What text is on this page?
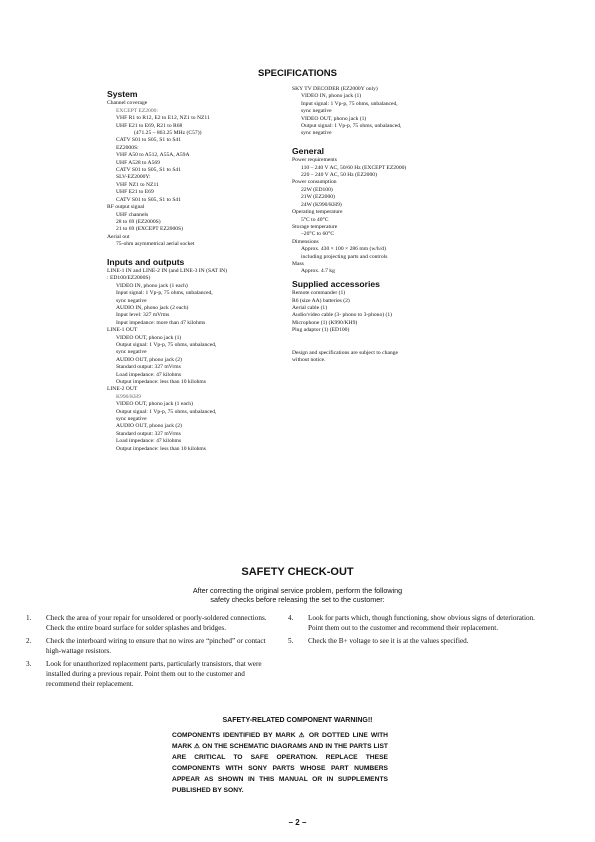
SPECIFICATIONS
System
Channel coverage
EXCEPT EZ2000:
VHF R1 to R12, E2 to E12, NZ1 to NZ11
UHF E21 to E69, R21 to R68
(471.25 – 863.25 MHz (C57))
CATV S01 to S05, S1 to S41
EZ2000S:
VHF A50 to A512, A55A, A59A
UHF A528 to A569
CATV S01 to S05, S1 to S41
SLV-EZ2000Y:
VHF NZ1 to NZ11
UHF E21 to E69
CATV S01 to S05, S1 to S41
RF output signal
UHF channels
28 to 69 (EZ2000S)
21 to 69 (EXCEPT EZ2000S)
Aerial out
75-ohm asymmetrical aerial socket
Inputs and outputs
LINE-1 IN and LINE-2 IN (and LINE-3 IN (SAT IN)
: ED100/EZ2000S)
VIDEO IN, phono jack (1 each)
Input signal: 1 Vp-p, 75 ohms, unbalanced,
sync negative
AUDIO IN, phono jack (2 each)
Input level: 327 mVrms
Input impedance: more than 47 kilohms
LINE-1 OUT
VIDEO OUT, phono jack (1)
Output signal: 1 Vp-p, 75 ohms, unbalanced,
sync negative
AUDIO OUT, phono jack (2)
Standard output: 327 mVrms
Load impedance: 47 kilohms
Output impedance: less than 10 kilohms
LINE-2 OUT
K990/KH9
VIDEO OUT, phono jack (1 each)
Output signal: 1 Vp-p, 75 ohms, unbalanced,
sync negative
AUDIO OUT, phono jack (2)
Standard output: 327 mVrms
Load impedance: 47 kilohms
Output impedance: less than 10 kilohms
SKY TV DECODER (EZ2000Y only)
VIDEO IN, phono jack (1)
Input signal: 1 Vp-p, 75 ohms, unbalanced,
sync negative
VIDEO OUT, phono jack (1)
Output signal: 1 Vp-p, 75 ohms, unbalanced,
sync negative
General
Power requirements
110 – 240 V AC, 50/60 Hz (EXCEPT EZ2000)
220 – 240 V AC, 50 Hz (EZ2000)
Power consumption
22W (ED100)
21W (EZ2000)
24W (K990/KH9)
Operating temperature
5°C to 40°C
Storage temperature
–20°C to 60°C
Dimensions
Approx. 430 × 100 × 286 mm (w/h/d)
including projecting parts and controls
Mass
Approx. 4.7 kg
Supplied accessories
Remote commander (1)
R6 (size AA) batteries (2)
Aerial cable (1)
Audio/video cable (3- phono to 3-phono) (1)
Microphone (1) (K990/KH9)
Plug adaptor (1) (ED100)
Design and specifications are subject to change
without notice.
SAFETY CHECK-OUT
After correcting the original service problem, perform the following
safety checks before releasing the set to the customer:
1. Check the area of your repair for unsoldered or poorly-soldered connections. Check the entire board surface for solder splashes and bridges.
2. Check the interboard wiring to ensure that no wires are “pinched” or contact high-wattage resistors.
3. Look for unauthorized replacement parts, particularly transistors, that were installed during a previous repair. Point them out to the customer and recommend their replacement.
4. Look for parts which, though functioning, show obvious signs of deterioration. Point them out to the customer and recommend their replacement.
5. Check the B+ voltage to see it is at the values specified.
SAFETY-RELATED COMPONENT WARNING!!
COMPONENTS IDENTIFIED BY MARK ⚠ OR DOTTED LINE WITH MARK ⚠ ON THE SCHEMATIC DIAGRAMS AND IN THE PARTS LIST ARE CRITICAL TO SAFE OPERATION. REPLACE THESE COMPONENTS WITH SONY PARTS WHOSE PART NUMBERS APPEAR AS SHOWN IN THIS MANUAL OR IN SUPPLEMENTS PUBLISHED BY SONY.
– 2 –
